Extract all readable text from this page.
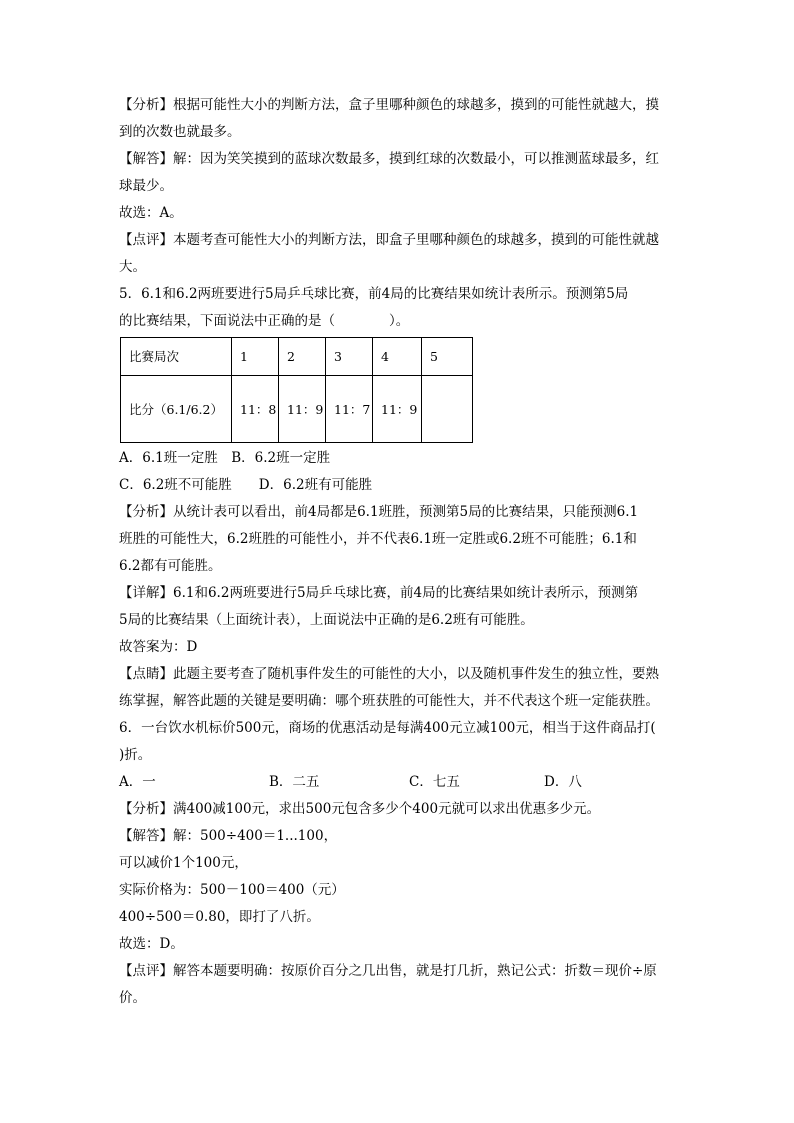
【分析】根据可能性大小的判断方法，盒子里哪种颜色的球越多，摸到的可能性就越大，摸
到的次数也就最多。
【解答】解：因为笑笑摸到的蓝球次数最多，摸到红球的次数最小，可以推测蓝球最多，红
球最少。
故选：A。
【点评】本题考查可能性大小的判断方法，即盒子里哪种颜色的球越多，摸到的可能性就越
大。
5．6.1和6.2两班要进行5局乒乓球比赛，前4局的比赛结果如统计表所示。预测第5局
的比赛结果，下面说法中正确的是（　　　　）。
比赛局次	1	2	3	4	5
比分（6.1/6.2）	11：8	11：9	11：7	11：9	
A．6.1班一定胜　B．6.2班一定胜
C．6.2班不可能胜　　D．6.2班有可能胜
【分析】从统计表可以看出，前4局都是6.1班胜，预测第5局的比赛结果，只能预测6.1
班胜的可能性大，6.2班胜的可能性小，并不代表6.1班一定胜或6.2班不可能胜；6.1和
6.2都有可能胜。
【详解】6.1和6.2两班要进行5局乒乓球比赛，前4局的比赛结果如统计表所示，预测第
5局的比赛结果（上面统计表），上面说法中正确的是6.2班有可能胜。
故答案为：D
【点睛】此题主要考查了随机事件发生的可能性的大小，以及随机事件发生的独立性，要熟
练掌握，解答此题的关键是要明确：哪个班获胜的可能性大，并不代表这个班一定能获胜。
6．一台饮水机标价500元，商场的优惠活动是每满400元立减100元，相当于这件商品打(
)折。
A．一	B．二五	C．七五	D．八
【分析】满400减100元，求出500元包含多少个400元就可以求出优惠多少元。
【解答】解：500÷400＝1...100，
可以减价1个100元，
实际价格为：500－100＝400（元）
400÷500＝0.80，即打了八折。
故选：D。
【点评】解答本题要明确：按原价百分之几出售，就是打几折，熟记公式：折数＝现价÷原
价。
